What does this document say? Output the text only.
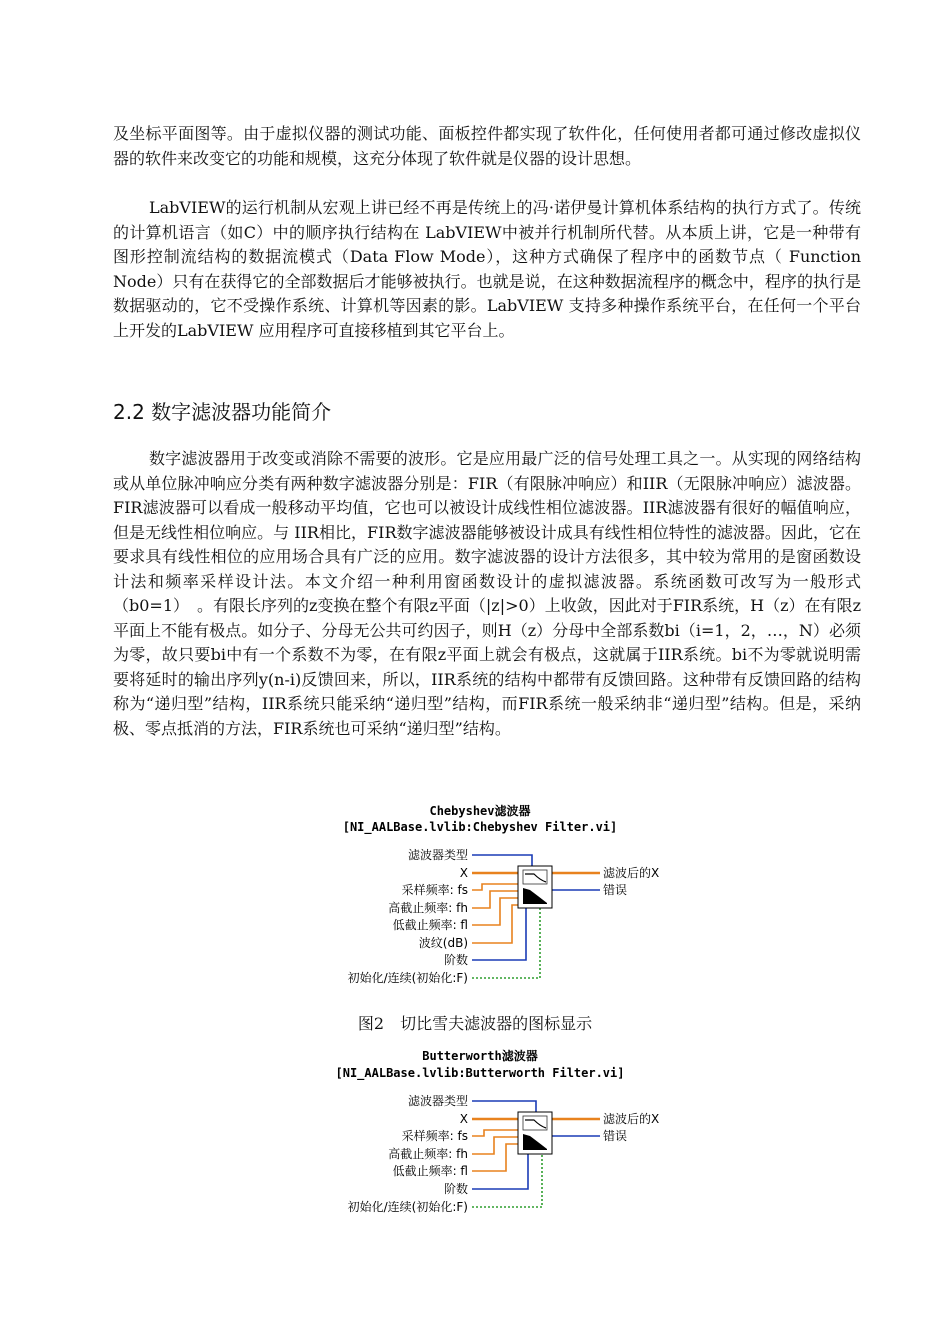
及坐标平面图等。由于虚拟仪器的测试功能、面板控件都实现了软件化，任何使用者都可通过修改虚拟仪器的软件来改变它的功能和规模，这充分体现了软件就是仪器的设计思想。

LabVIEW的运行机制从宏观上讲已经不再是传统上的冯·诺伊曼计算机体系结构的执行方式了。传统的计算机语言（如C）中的顺序执行结构在 LabVIEW中被并行机制所代替。从本质上讲，它是一种带有图形控制流结构的数据流模式（Data Flow Mode），这种方式确保了程序中的函数节点（ Function Node）只有在获得它的全部数据后才能够被执行。也就是说，在这种数据流程序的概念中，程序的执行是数据驱动的，它不受操作系统、计算机等因素的影。LabVIEW 支持多种操作系统平台，在任何一个平台上开发的LabVIEW 应用程序可直接移植到其它平台上。

2.2 数字滤波器功能简介

数字滤波器用于改变或消除不需要的波形。它是应用最广泛的信号处理工具之一。从实现的网络结构或从单位脉冲响应分类有两种数字滤波器分别是：FIR（有限脉冲响应）和IIR（无限脉冲响应）滤波器。FIR滤波器可以看成一般移动平均值，它也可以被设计成线性相位滤波器。IIR滤波器有很好的幅值响应，但是无线性相位响应。与 IIR相比，FIR数字滤波器能够被设计成具有线性相位特性的滤波器。因此，它在要求具有线性相位的应用场合具有广泛的应用。数字滤波器的设计方法很多，其中较为常用的是窗函数设计法和频率采样设计法。本文介绍一种利用窗函数设计的虚拟滤波器。系统函数可改写为一般形式（b0=1）　。有限长序列的z变换在整个有限z平面（|z|>0）上收敛，因此对于FIR系统，H（z）在有限z平面上不能有极点。如分子、分母无公共可约因子，则H（z）分母中全部系数bi（i=1，2，…，N）必须为零，故只要bi中有一个系数不为零，在有限z平面上就会有极点，这就属于IIR系统。bi不为零就说明需要将延时的输出序列y(n-i)反馈回来，所以，IIR系统的结构中都带有反馈回路。这种带有反馈回路的结构称为“递归型”结构，IIR系统只能采纳“递归型”结构，而FIR系统一般采纳非“递归型”结构。但是，采纳极、零点抵消的方法，FIR系统也可采纳“递归型”结构。

Chebyshev滤波器
[NI_AALBase.lvlib:Chebyshev Filter.vi]
滤波器类型
X
采样频率: fs
高截止频率: fh
低截止频率: fl
波纹(dB)
阶数
初始化/连续(初始化:F)
滤波后的X
错误
图2　切比雪夫滤波器的图标显示
Butterworth滤波器
[NI_AALBase.lvlib:Butterworth Filter.vi]
滤波器类型
X
采样频率: fs
高截止频率: fh
低截止频率: fl
阶数
初始化/连续(初始化:F)
滤波后的X
错误
